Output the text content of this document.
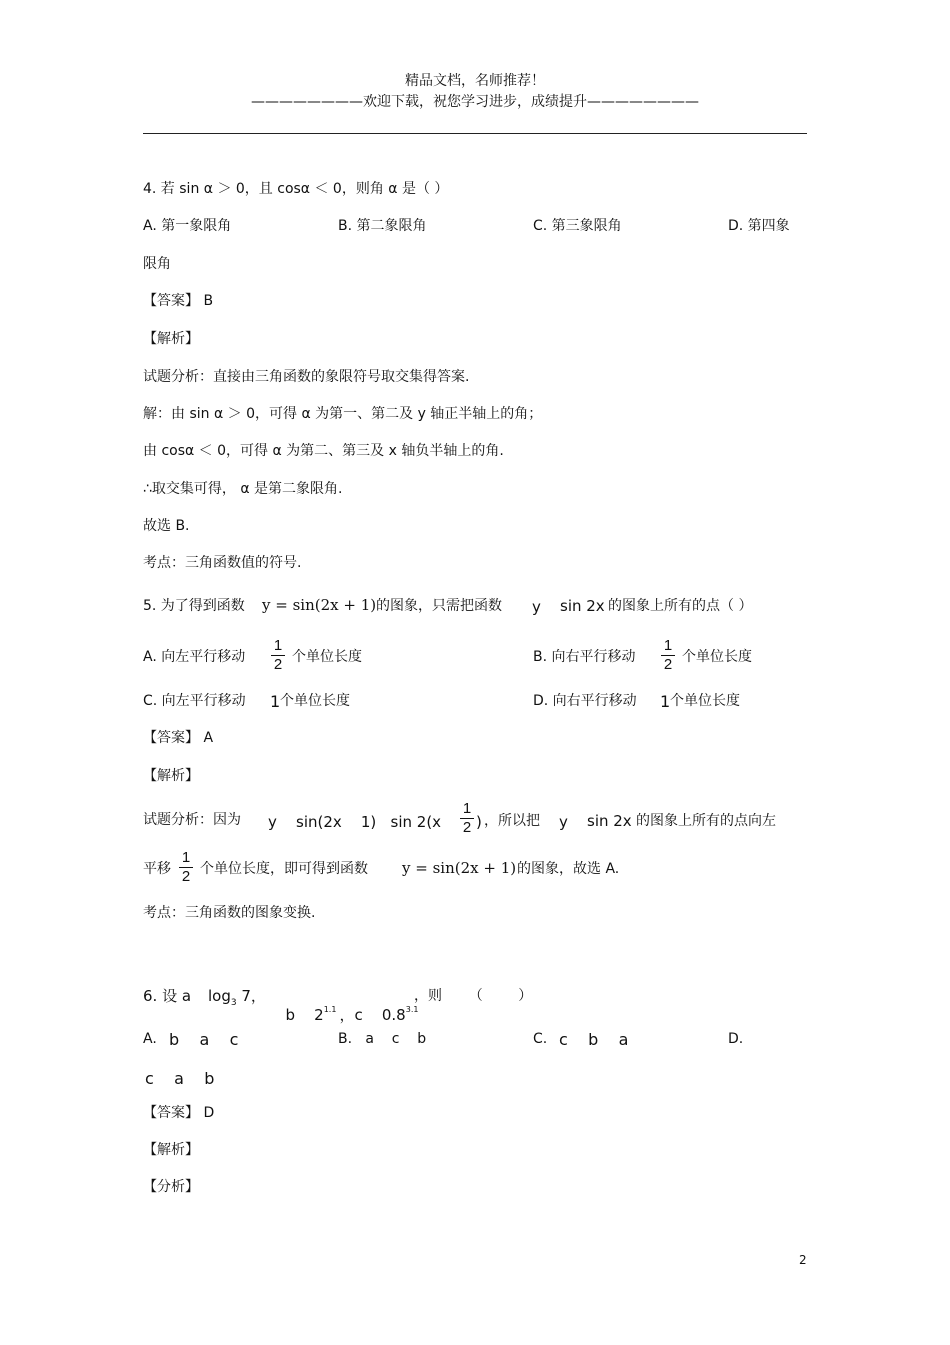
精品文档，名师推荐！
————————欢迎下载，祝您学习进步，成绩提升————————
4. 若 sin α ＞ 0，且 cosα ＜ 0，则角 α 是（ ）
A. 第一象限角	B. 第二象限角	C. 第三象限角	D. 第四象
限角
【答案】 B
【解析】
试题分析：直接由三角函数的象限符号取交集得答案.
解：由 sin α ＞ 0，可得 α 为第一、第二及 y 轴正半轴上的角；
由 cosα ＜ 0，可得 α 为第二、第三及 x 轴负半轴上的角.
∴取交集可得， α 是第二象限角.
故选 B.
考点：三角函数值的符号.
5. 为了得到函数 y = sin(2x + 1) 的图象，只需把函数 y sin 2x 的图象上所有的点（ ）
A. 向左平行移动
1
2 个单位长度	B. 向右平行移动
1
2 个单位长度
C. 向左平行移动 1 个单位长度	D. 向右平行移动 1 个单位长度
【答案】 A
【解析】
试题分析：因为 y sin(2x    1)   sin 2(x
1
2 ) ，所以把 y sin 2x 的图象上所有的点向左
平移
1
2 个单位长度，即可得到函数 y = sin(2x + 1) 的图象，故选 A.
考点：三角函数的图象变换.
6. 设 a $\log_3 7$，

b    $2^{1.1}$ ，c    $0.8^{3.1}$

，则      （        ）
A. b    a    c	B.   a    c    b	C. c    b    a	D.
c    a    b
【答案】 D
【解析】
【分析】
2
